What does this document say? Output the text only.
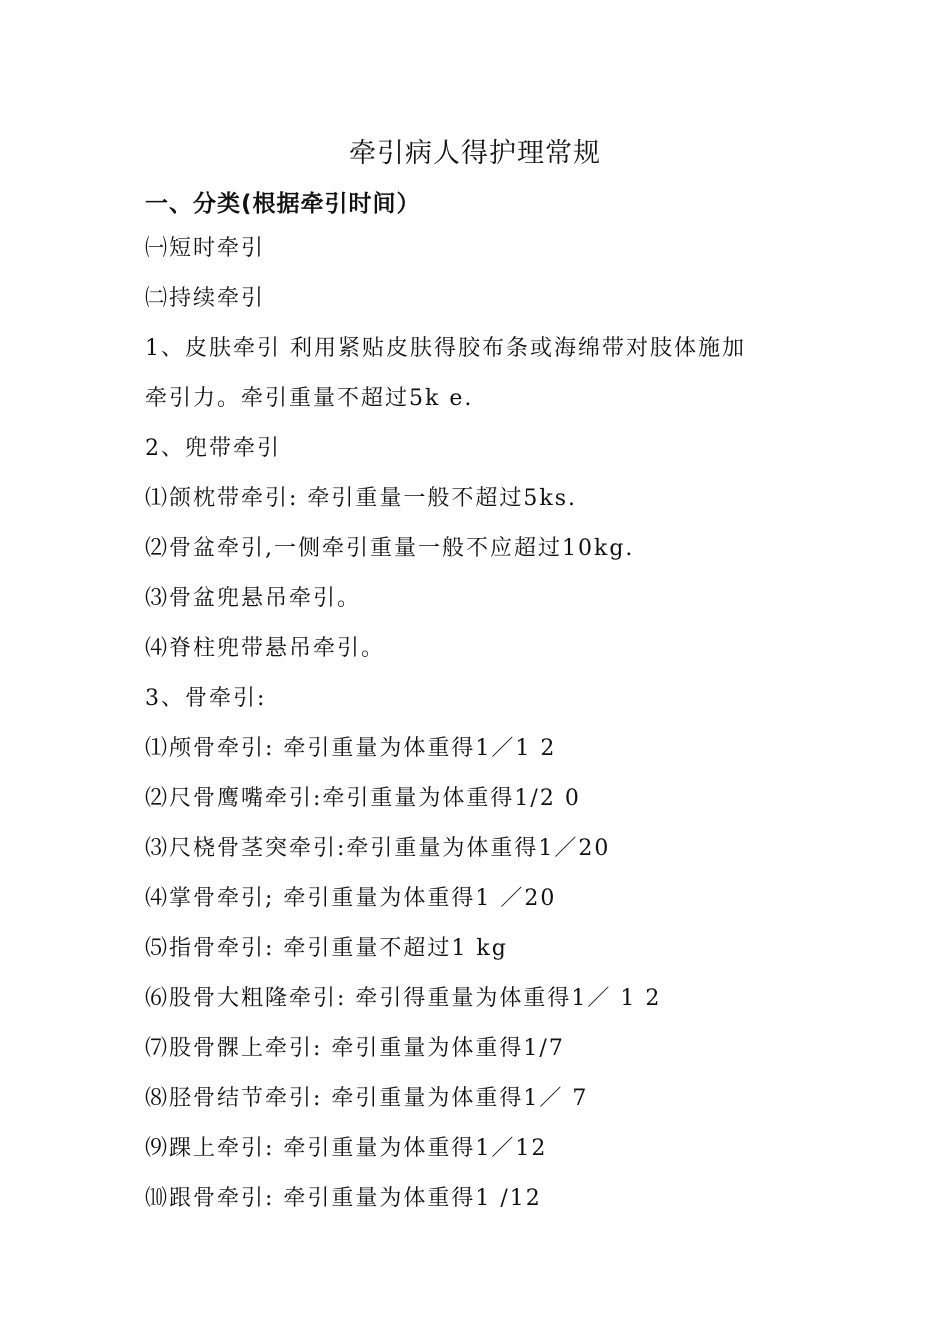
牵引病人得护理常规
一、分类(根据牵引时间）
㈠短时牵引
㈡持续牵引
1、皮肤牵引 利用紧贴皮肤得胶布条或海绵带对肢体施加
牵引力。牵引重量不超过5k e.
2、兜带牵引
⑴颌枕带牵引: 牵引重量一般不超过5ks.
⑵骨盆牵引,一侧牵引重量一般不应超过10kg.
⑶骨盆兜悬吊牵引。
⑷脊柱兜带悬吊牵引。
3、骨牵引:
⑴颅骨牵引: 牵引重量为体重得1／1 2
⑵尺骨鹰嘴牵引:牵引重量为体重得1/2 0
⑶尺桡骨茎突牵引:牵引重量为体重得1／20
⑷掌骨牵引; 牵引重量为体重得1 ／20
⑸指骨牵引: 牵引重量不超过1 kg
⑹股骨大粗隆牵引: 牵引得重量为体重得1／ 1 2
⑺股骨髁上牵引: 牵引重量为体重得1/7
⑻胫骨结节牵引: 牵引重量为体重得1／ 7
⑼踝上牵引: 牵引重量为体重得1／12
⑽跟骨牵引: 牵引重量为体重得1 /12
